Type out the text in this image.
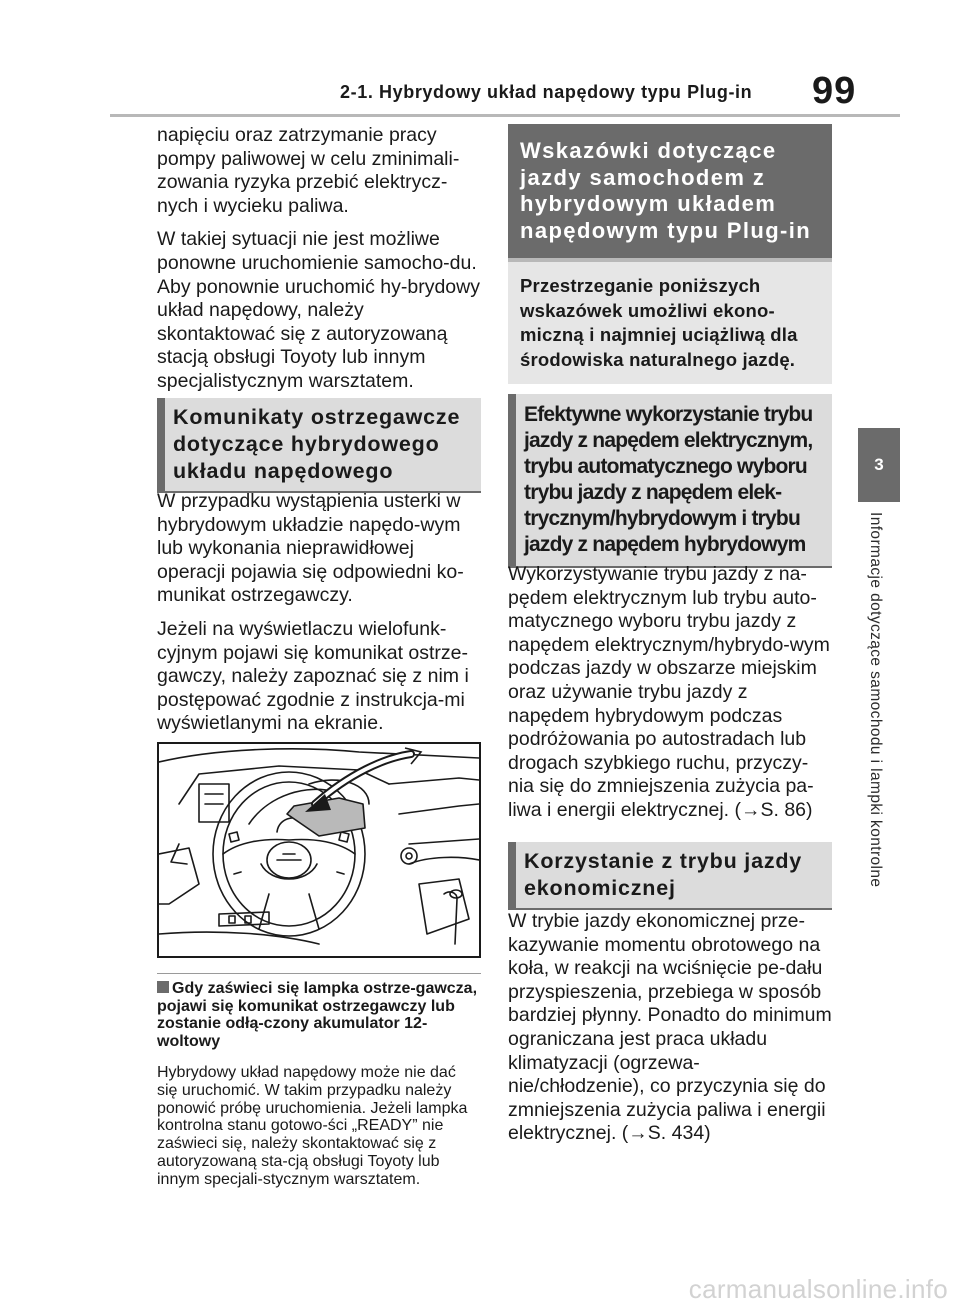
2-1. Hybrydowy układ napędowy typu Plug-in 99
3
Informacje dotyczące samochodu i lampki kontrolne

napięciu oraz zatrzymanie pracy pompy paliwowej w celu zminimali-zowania ryzyka przebić elektrycz-nych i wycieku paliwa.

W takiej sytuacji nie jest możliwe ponowne uruchomienie samocho-du. Aby ponownie uruchomić hy-brydowy układ napędowy, należy skontaktować się z autoryzowaną stacją obsługi Toyoty lub innym specjalistycznym warsztatem.

Komunikaty ostrzegawcze dotyczące hybrydowego układu napędowego

W przypadku wystąpienia usterki w hybrydowym układzie napędo-wym lub wykonania nieprawidłowej operacji pojawia się odpowiedni ko-munikat ostrzegawczy.

Jeżeli na wyświetlaczu wielofunk-cyjnym pojawi się komunikat ostrze-gawczy, należy zapoznać się z nim i postępować zgodnie z instrukcja-mi wyświetlanymi na ekranie.

Gdy zaświeci się lampka ostrze-gawcza, pojawi się komunikat ostrzegawczy lub zostanie odłą-czony akumulator 12-woltowy
Hybrydowy układ napędowy może nie dać się uruchomić. W takim przypadku należy ponowić próbę uruchomienia. Jeżeli lampka kontrolna stanu gotowo-ści „READY” nie zaświeci się, należy skontaktować się z autoryzowaną sta-cją obsługi Toyoty lub innym specjali-stycznym warsztatem.
Wskazówki dotyczące jazdy samochodem z hybrydowym układem napędowym typu Plug-in
Przestrzeganie poniższych wskazówek umożliwi ekono-miczną i najmniej uciążliwą dla środowiska naturalnego jazdę.
Efektywne wykorzystanie trybu jazdy z napędem elektrycznym, trybu automatycznego wyboru trybu jazdy z napędem elek-trycznym/hybrydowym i trybu jazdy z napędem hybrydowym

Wykorzystywanie trybu jazdy z na-pędem elektrycznym lub trybu auto-matycznego wyboru trybu jazdy z napędem elektrycznym/hybrydo-wym podczas jazdy w obszarze miejskim oraz używanie trybu jazdy z napędem hybrydowym podczas podróżowania po autostradach lub drogach szybkiego ruchu, przyczy-nia się do zmniejszenia zużycia pa-liwa i energii elektrycznej. (→S. 86)

Korzystanie z trybu jazdy ekonomicznej

W trybie jazdy ekonomicznej prze-kazywanie momentu obrotowego na koła, w reakcji na wciśnięcie pe-dału przyspieszenia, przebiega w sposób bardziej płynny. Ponadto do minimum ograniczana jest praca układu klimatyzacji (ogrzewa-nie/chłodzenie), co przyczynia się do zmniejszenia zużycia paliwa i energii elektrycznej. (→S. 434)

carmanualsonline.info
